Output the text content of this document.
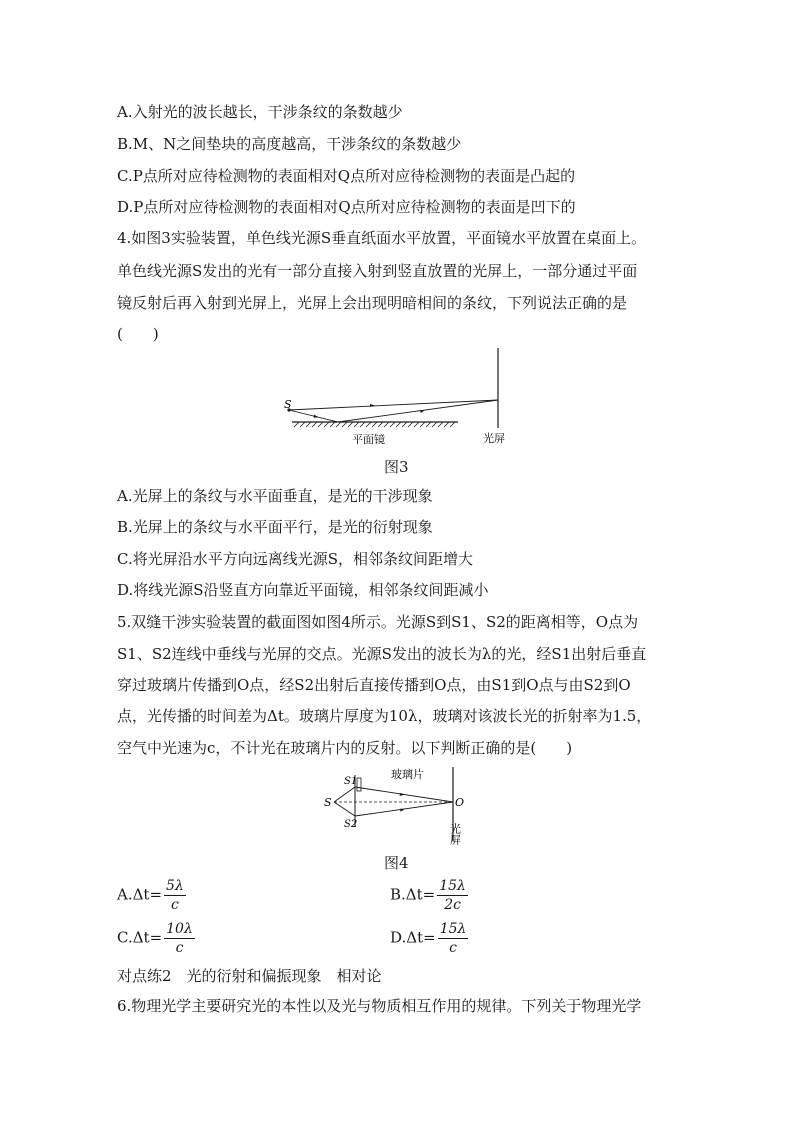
A.入射光的波长越长，干涉条纹的条数越少
B.M、N之间垫块的高度越高，干涉条纹的条数越少
C.P点所对应待检测物的表面相对Q点所对应待检测物的表面是凸起的
D.P点所对应待检测物的表面相对Q点所对应待检测物的表面是凹下的
4.如图3实验装置，单色线光源S垂直纸面水平放置，平面镜水平放置在桌面上。
单色线光源S发出的光有一部分直接入射到竖直放置的光屏上，一部分通过平面
镜反射后再入射到光屏上，光屏上会出现明暗相间的条纹，下列说法正确的是
(　　)
S
平面镜	光屏
图3
A.光屏上的条纹与水平面垂直，是光的干涉现象
B.光屏上的条纹与水平面平行，是光的衍射现象
C.将光屏沿水平方向远离线光源S，相邻条纹间距增大
D.将线光源S沿竖直方向靠近平面镜，相邻条纹间距减小
5.双缝干涉实验装置的截面图如图4所示。光源S到S1、S2的距离相等，O点为
S1、S2连线中垂线与光屏的交点。光源S发出的波长为λ的光，经S1出射后垂直
穿过玻璃片传播到O点，经S2出射后直接传播到O点，由S1到O点与由S2到O
点，光传播的时间差为Δt。玻璃片厚度为10λ，玻璃对该波长光的折射率为1.5，
空气中光速为c，不计光在玻璃片内的反射。以下判断正确的是(　　)
S
S1
S2
玻璃片
O
光屏
图4
$A.\Delta t= \frac{5\lambda}{c}$	$B.\Delta t= \frac{15\lambda}{2c}$
$C.\Delta t= \frac{10\lambda}{c}$	$D.\Delta t= \frac{15\lambda}{c}$
对点练2　光的衍射和偏振现象　相对论
6.物理光学主要研究光的本性以及光与物质相互作用的规律。下列关于物理光学
